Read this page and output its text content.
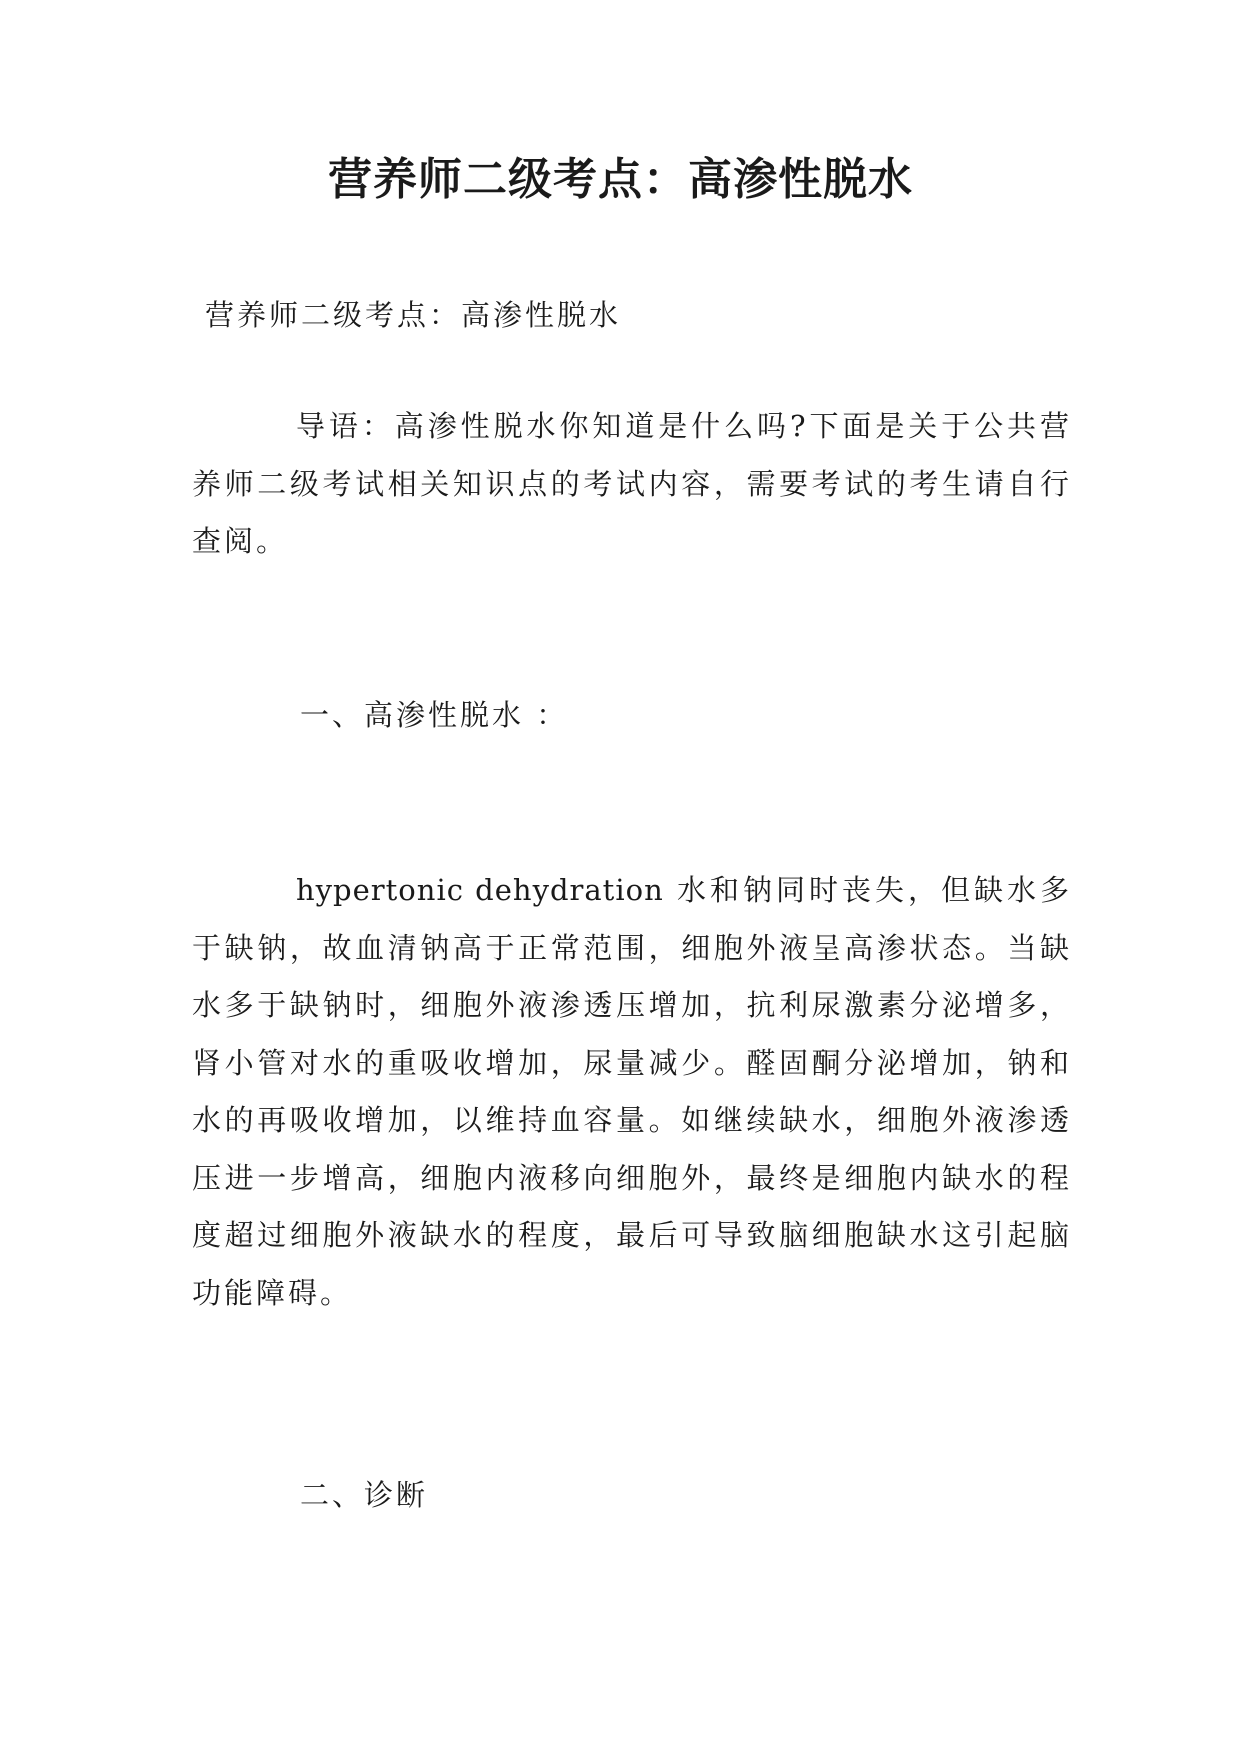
营养师二级考点：高渗性脱水
营养师二级考点：高渗性脱水

导语：高渗性脱水你知道是什么吗?下面是关于公共营养师二级考试相关知识点的考试内容，需要考试的考生请自行查阅。

一、高渗性脱水 ：

hypertonic dehydration 水和钠同时丧失，但缺水多于缺钠，故血清钠高于正常范围，细胞外液呈高渗状态。当缺水多于缺钠时，细胞外液渗透压增加，抗利尿激素分泌增多，肾小管对水的重吸收增加，尿量减少。醛固酮分泌增加，钠和水的再吸收增加，以维持血容量。如继续缺水，细胞外液渗透压进一步增高，细胞内液移向细胞外，最终是细胞内缺水的程度超过细胞外液缺水的程度，最后可导致脑细胞缺水这引起脑功能障碍。

二、诊断
